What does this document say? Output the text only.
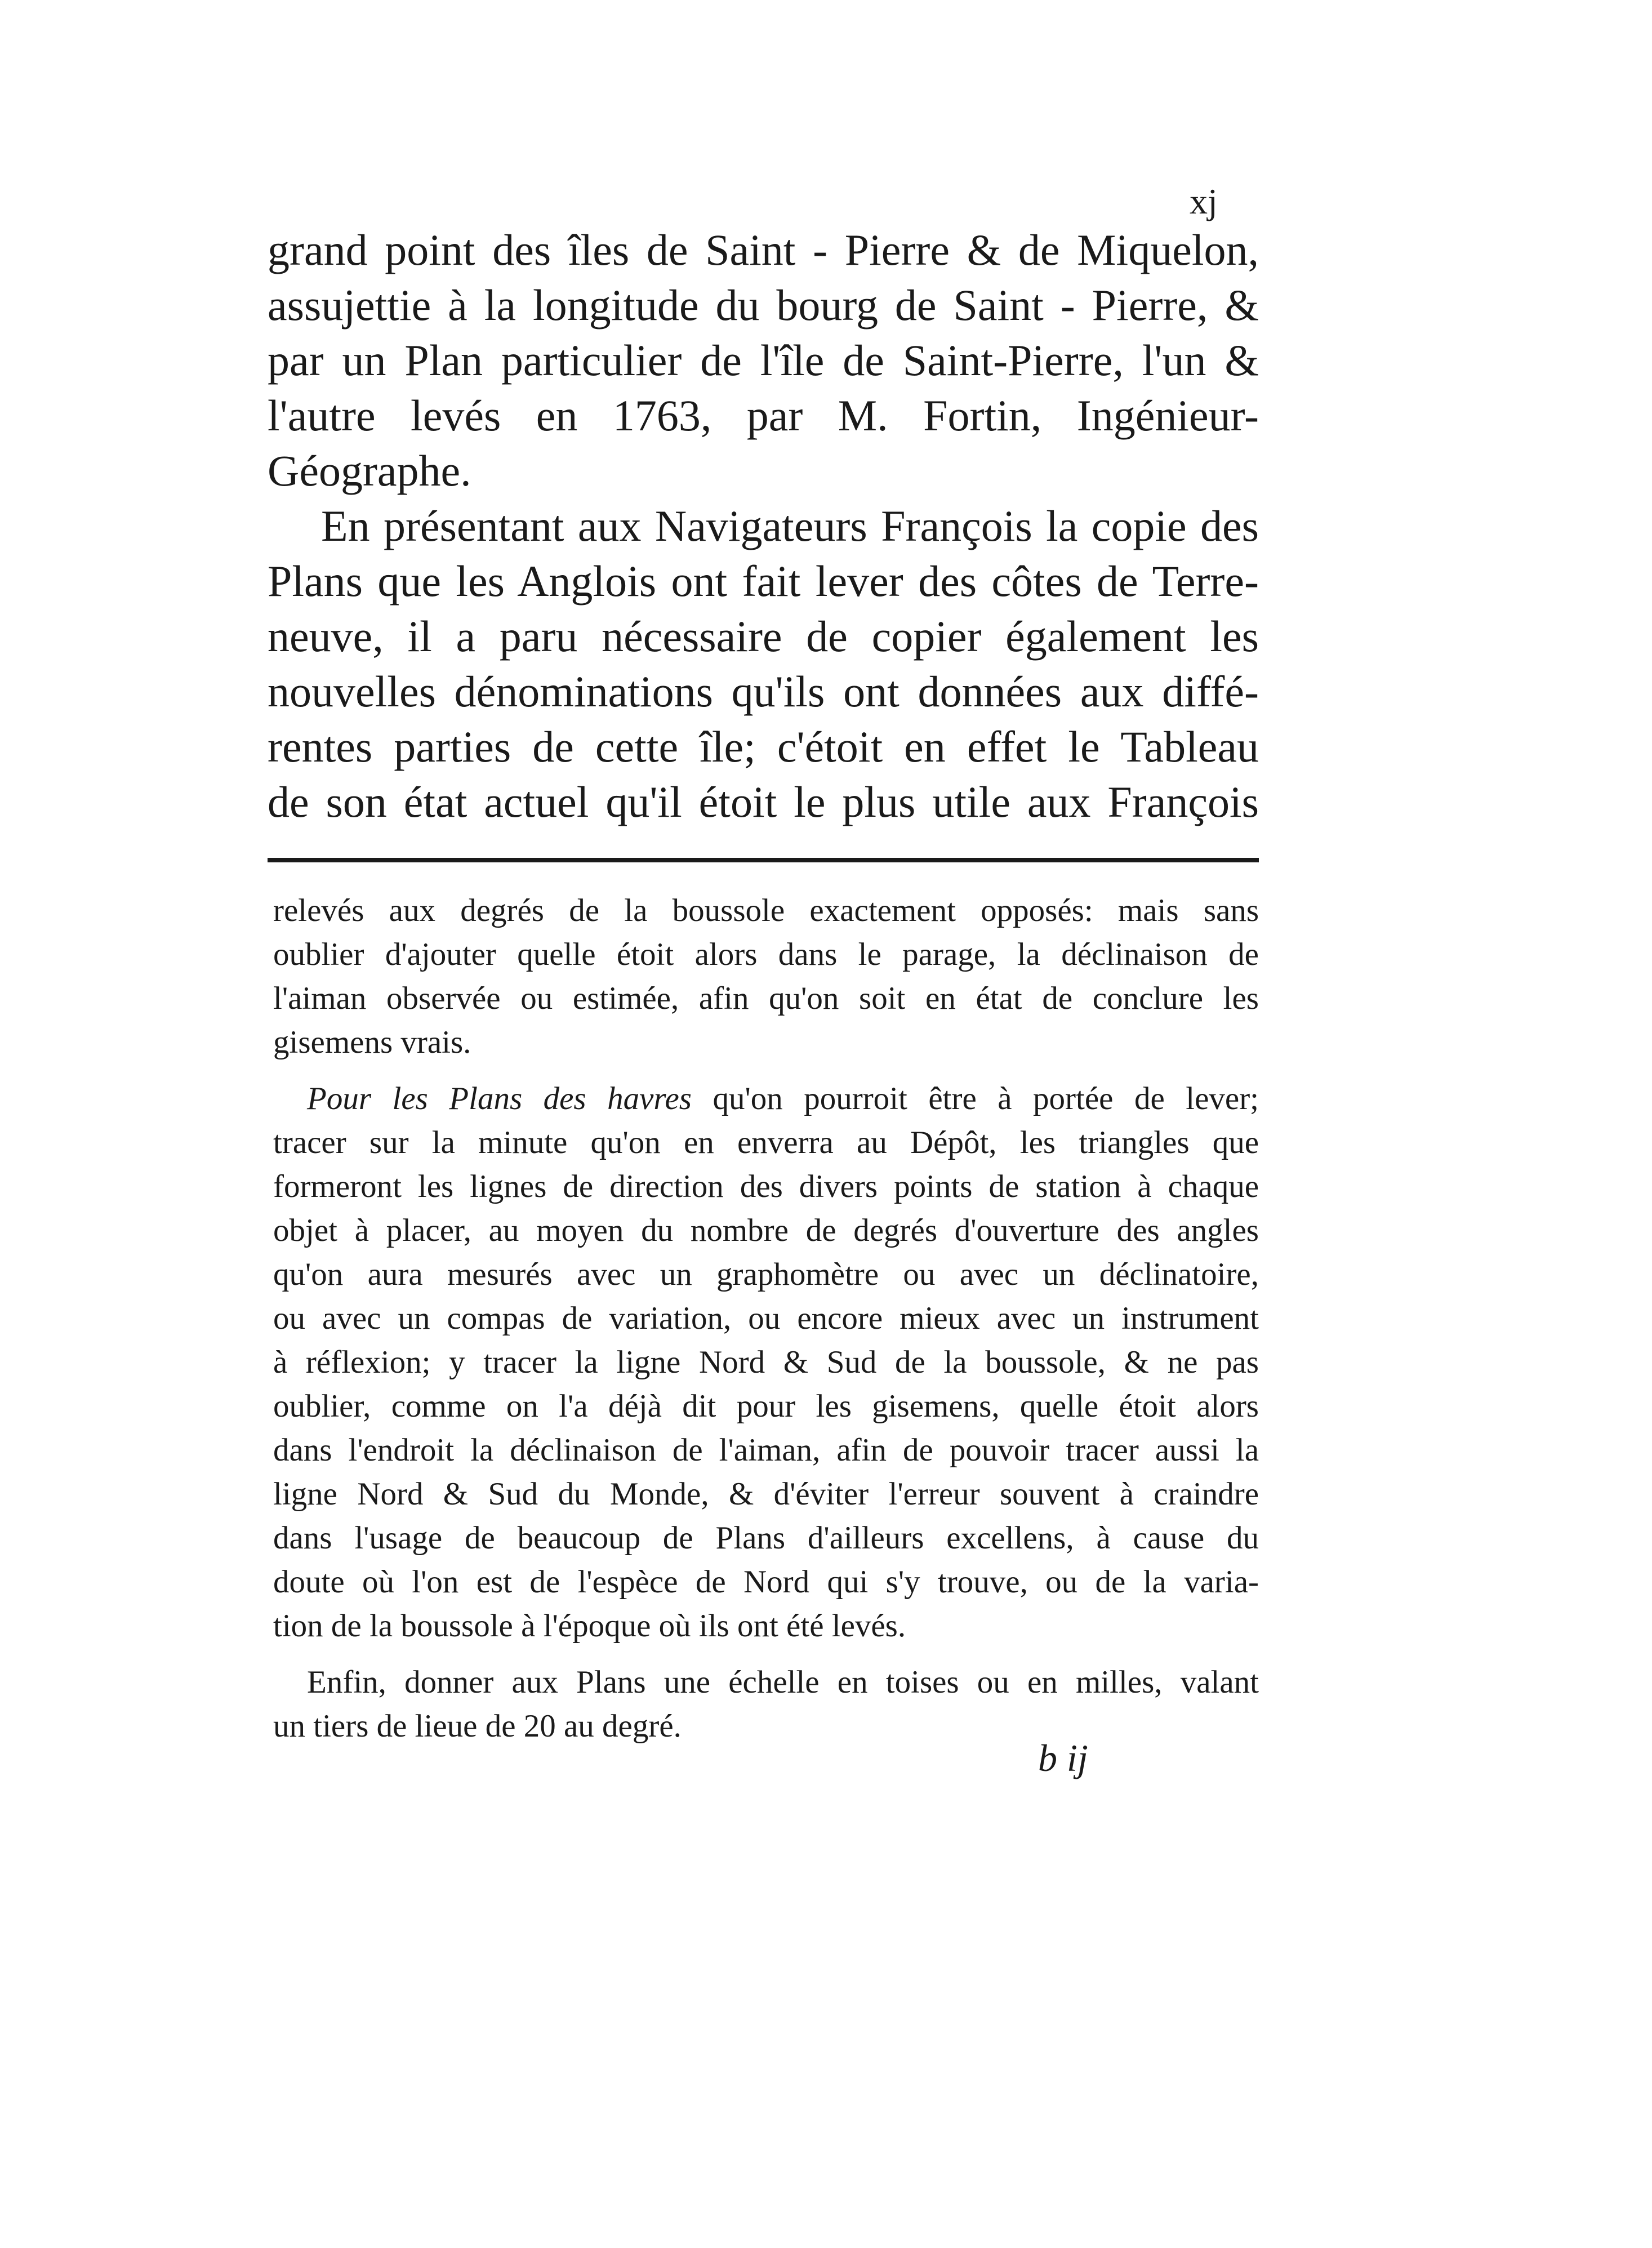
xj
grand point des îles de Saint - Pierre & de Miquelon,
assujettie à la longitude du bourg de Saint - Pierre, &
par un Plan particulier de l'île de Saint-Pierre, l'un &
l'autre levés en 1763, par M. Fortin, Ingénieur-
Géographe.
En présentant aux Navigateurs François la copie des
Plans que les Anglois ont fait lever des côtes de Terre-
neuve, il a paru nécessaire de copier également les
nouvelles dénominations qu'ils ont données aux diffé-
rentes parties de cette île; c'étoit en effet le Tableau
de son état actuel qu'il étoit le plus utile aux François
relevés aux degrés de la boussole exactement opposés: mais sans
oublier d'ajouter quelle étoit alors dans le parage, la déclinaison de
l'aiman observée ou estimée, afin qu'on soit en état de conclure les
gisemens vrais.
Pour les Plans des havres qu'on pourroit être à portée de lever;
tracer sur la minute qu'on en enverra au Dépôt, les triangles que
formeront les lignes de direction des divers points de station à chaque
objet à placer, au moyen du nombre de degrés d'ouverture des angles
qu'on aura mesurés avec un graphomètre ou avec un déclinatoire,
ou avec un compas de variation, ou encore mieux avec un instrument
à réflexion; y tracer la ligne Nord & Sud de la boussole, & ne pas
oublier, comme on l'a déjà dit pour les gisemens, quelle étoit alors
dans l'endroit la déclinaison de l'aiman, afin de pouvoir tracer aussi la
ligne Nord & Sud du Monde, & d'éviter l'erreur souvent à craindre
dans l'usage de beaucoup de Plans d'ailleurs excellens, à cause du
doute où l'on est de l'espèce de Nord qui s'y trouve, ou de la varia-
tion de la boussole à l'époque où ils ont été levés.
Enfin, donner aux Plans une échelle en toises ou en milles, valant
un tiers de lieue de 20 au degré.
b ij
